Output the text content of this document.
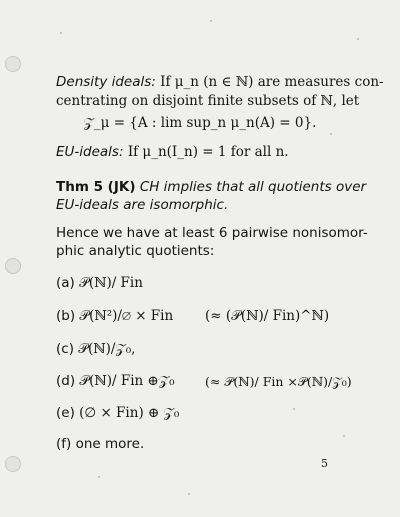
Density ideals: If μ_n (n ∈ ℕ) are measures con-
centrating on disjoint finite subsets of ℕ, let
𝒵_μ = {A : lim sup_n μ_n(A) = 0}.
EU-ideals: If μ_n(I_n) = 1 for all n.
Thm 5 (JK) CH implies that all quotients over
EU-ideals are isomorphic.
Hence we have at least 6 pairwise nonisomor-
phic analytic quotients:
(a) 𝒫(ℕ)/ Fin
(b) 𝒫(ℕ²)/∅ × Fin (≈ (𝒫(ℕ)/ Fin)^ℕ)
(c) 𝒫(ℕ)/𝒵₀,
(d) 𝒫(ℕ)/ Fin ⊕𝒵₀ (≈ 𝒫(ℕ)/ Fin ×𝒫(ℕ)/𝒵₀)
(e) (∅ × Fin) ⊕ 𝒵₀
(f) one more.
5
